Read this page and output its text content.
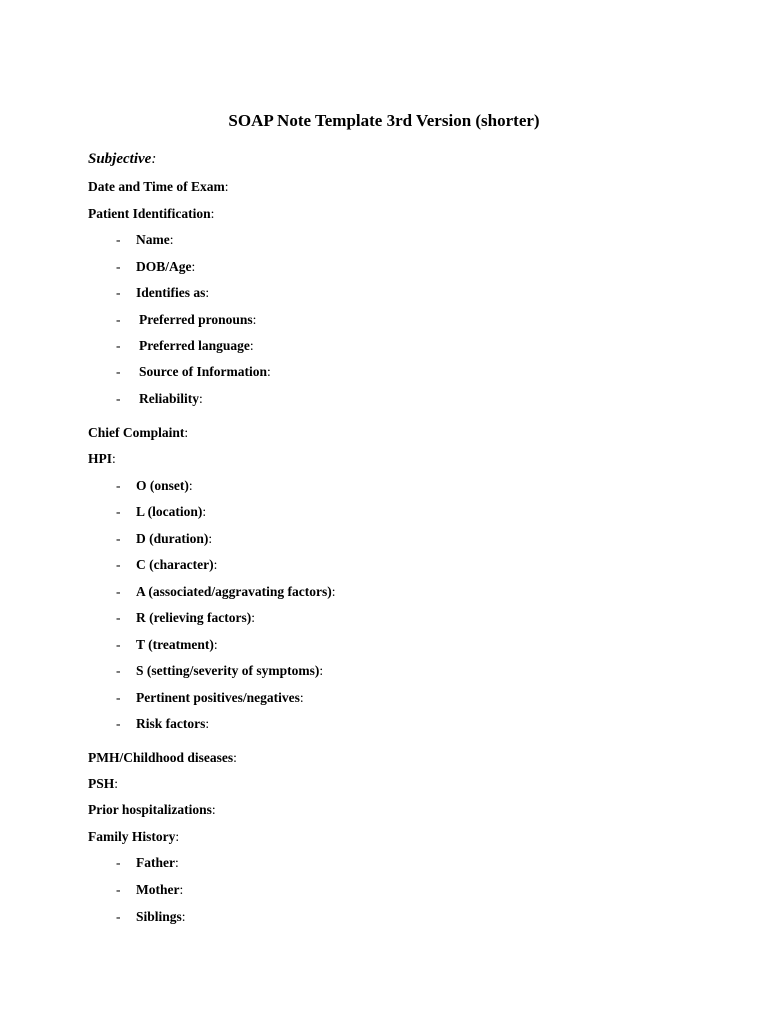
SOAP Note Template 3rd Version (shorter)
Subjective:
Date and Time of Exam:
Patient Identification:
- Name:
- DOB/Age:
- Identifies as:
- Preferred pronouns:
- Preferred language:
- Source of Information:
- Reliability:
Chief Complaint:
HPI:
- O (onset):
- L (location):
- D (duration):
- C (character):
- A (associated/aggravating factors):
- R (relieving factors):
- T (treatment):
- S (setting/severity of symptoms):
- Pertinent positives/negatives:
- Risk factors:
PMH/Childhood diseases:
PSH:
Prior hospitalizations:
Family History:
- Father:
- Mother:
- Siblings:
